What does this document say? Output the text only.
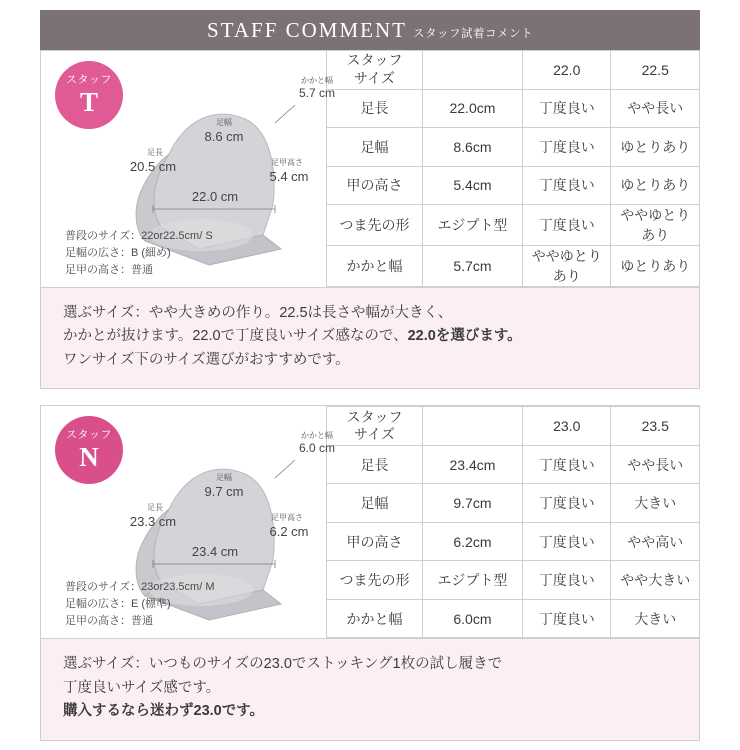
STAFF COMMENT スタッフ試着コメント
スタッフ
T
かかと幅
5.7 cm
足幅
8.6 cm
足長
20.5 cm	足甲高さ
5.4 cm
22.0 cm
普段のサイズ：22or22.5cm/ S
足幅の広さ：B (細め)
足甲の高さ：普通
スタッフ
サイズ		22.0	22.5
足長	22.0cm	丁度良い	やや長い
足幅	8.6cm	丁度良い	ゆとりあり
甲の高さ	5.4cm	丁度良い	ゆとりあり
つま先の形	エジプト型	丁度良い	ややゆとりあり
かかと幅	5.7cm	ややゆとりあり	ゆとりあり
選ぶサイズ：やや大きめの作り。22.5は長さや幅が大きく、
かかとが抜けます。22.0で丁度良いサイズ感なので、22.0を選びます。
ワンサイズ下のサイズ選びがおすすめです。
スタッフ
N
かかと幅
6.0 cm
足幅
9.7 cm
足長
23.3 cm	足甲高さ
6.2 cm
23.4 cm
普段のサイズ：23or23.5cm/ M
足幅の広さ：E (標準)
足甲の高さ：普通
スタッフ
サイズ		23.0	23.5
足長	23.4cm	丁度良い	やや長い
足幅	9.7cm	丁度良い	大きい
甲の高さ	6.2cm	丁度良い	やや高い
つま先の形	エジプト型	丁度良い	やや大きい
かかと幅	6.0cm	丁度良い	大きい
選ぶサイズ：いつものサイズの23.0でストッキング1枚の試し履きで
丁度良いサイズ感です。
購入するなら迷わず23.0です。
